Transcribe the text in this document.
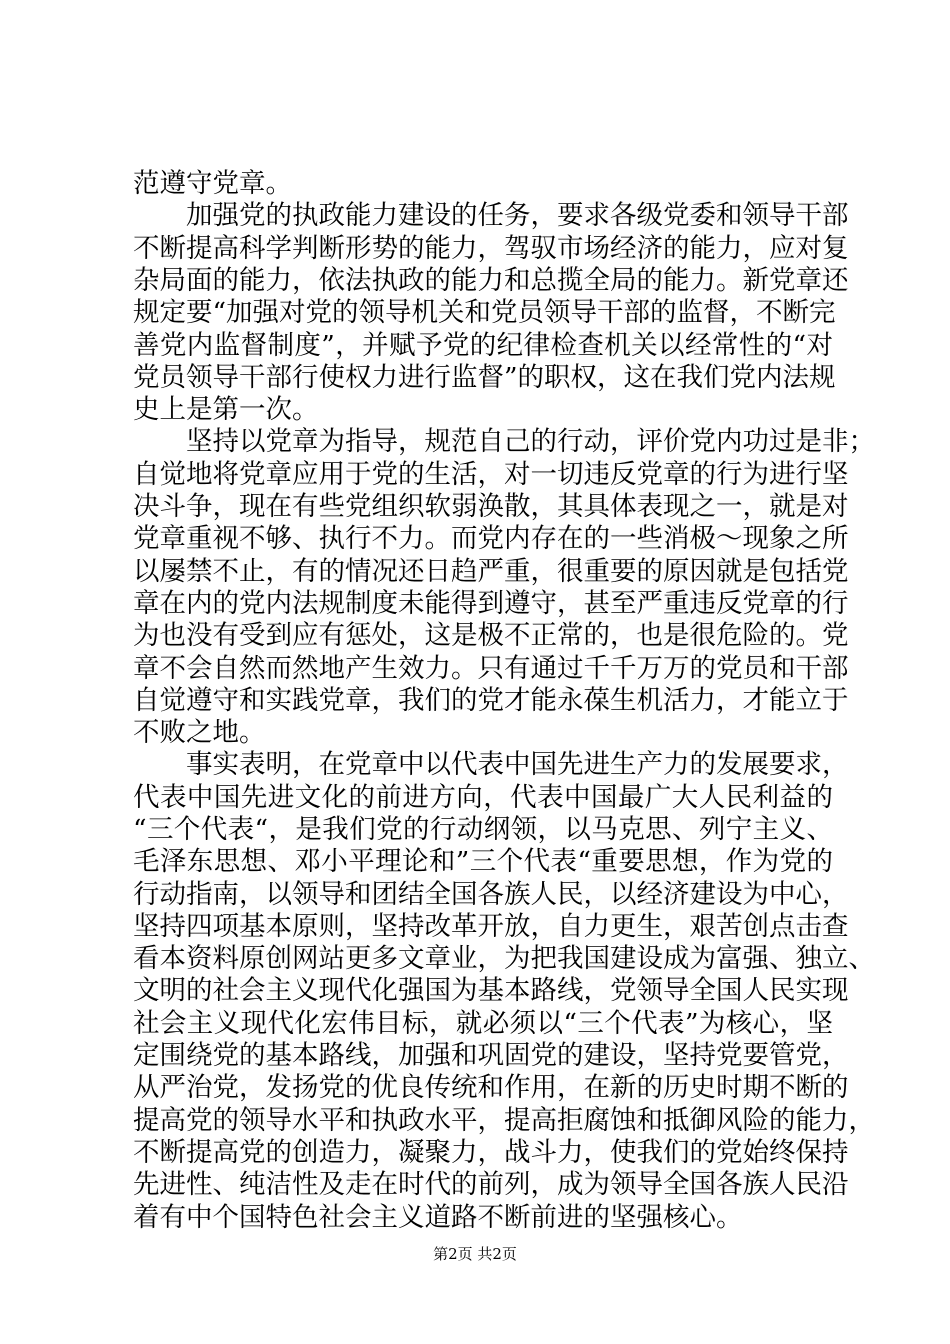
范遵守党章。
加强党的执政能力建设的任务，要求各级党委和领导干部
不断提高科学判断形势的能力，驾驭市场经济的能力，应对复
杂局面的能力，依法执政的能力和总揽全局的能力。新党章还
规定要“加强对党的领导机关和党员领导干部的监督，不断完
善党内监督制度”，并赋予党的纪律检查机关以经常性的“对
党员领导干部行使权力进行监督”的职权，这在我们党内法规
史上是第一次。
坚持以党章为指导，规范自己的行动，评价党内功过是非；
自觉地将党章应用于党的生活，对一切违反党章的行为进行坚
决斗争，现在有些党组织软弱涣散，其具体表现之一，就是对
党章重视不够、执行不力。而党内存在的一些消极～现象之所
以屡禁不止，有的情况还日趋严重，很重要的原因就是包括党
章在内的党内法规制度未能得到遵守，甚至严重违反党章的行
为也没有受到应有惩处，这是极不正常的，也是很危险的。党
章不会自然而然地产生效力。只有通过千千万万的党员和干部
自觉遵守和实践党章，我们的党才能永葆生机活力，才能立于
不败之地。
事实表明，在党章中以代表中国先进生产力的发展要求，
代表中国先进文化的前进方向，代表中国最广大人民利益的
“三个代表“，是我们党的行动纲领，以马克思、列宁主义、
毛泽东思想、邓小平理论和”三个代表“重要思想，作为党的
行动指南，以领导和团结全国各族人民，以经济建设为中心，
坚持四项基本原则，坚持改革开放，自力更生，艰苦创点击查
看本资料原创网站更多文章业，为把我国建设成为富强、独立、
文明的社会主义现代化强国为基本路线，党领导全国人民实现
社会主义现代化宏伟目标，就必须以“三个代表”为核心，坚
定围绕党的基本路线，加强和巩固党的建设，坚持党要管党，
从严治党，发扬党的优良传统和作用，在新的历史时期不断的
提高党的领导水平和执政水平，提高拒腐蚀和抵御风险的能力，
不断提高党的创造力，凝聚力，战斗力，使我们的党始终保持
先进性、纯洁性及走在时代的前列，成为领导全国各族人民沿
着有中个国特色社会主义道路不断前进的坚强核心。
第2页 共2页
